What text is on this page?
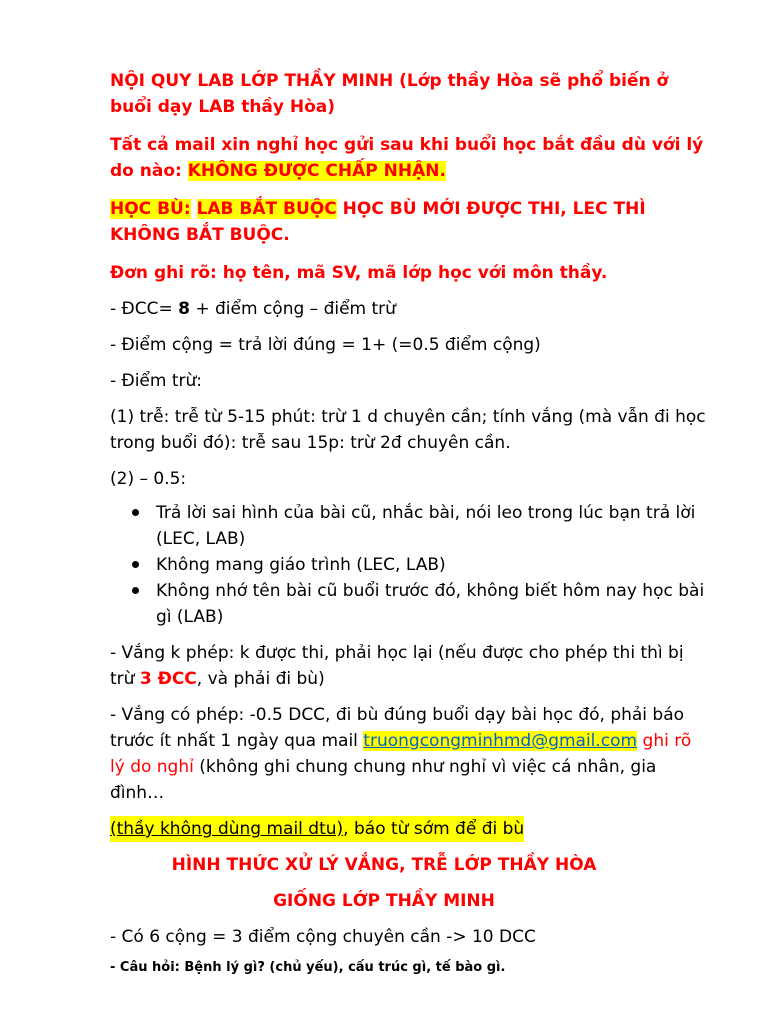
NỘI QUY LAB LỚP THẦY MINH (Lớp thầy Hòa sẽ phổ biến ở buổi dạy LAB thầy Hòa)

Tất cả mail xin nghỉ học gửi sau khi buổi học bắt đầu dù với lý do nào: KHÔNG ĐƯỢC CHẤP NHẬN.

HỌC BÙ: LAB BẮT BUỘC HỌC BÙ MỚI ĐƯỢC THI, LEC THÌ KHÔNG BẮT BUỘC.

Đơn ghi rõ: họ tên, mã SV, mã lớp học với môn thầy.

- ĐCC= 8 + điểm cộng – điểm trừ

- Điểm cộng = trả lời đúng = 1+ (=0.5 điểm cộng)

- Điểm trừ:

(1) trễ: trễ từ 5-15 phút: trừ 1 d chuyên cần; tính vắng (mà vẫn đi học trong buổi đó): trễ sau 15p: trừ 2đ chuyên cần.

(2) – 0.5:

Trả lời sai hình của bài cũ, nhắc bài, nói leo trong lúc bạn trả lời (LEC, LAB)
Không mang giáo trình (LEC, LAB)
Không nhớ tên bài cũ buổi trước đó, không biết hôm nay học bài gì (LAB)

- Vắng k phép: k được thi, phải học lại (nếu được cho phép thi thì bị trừ 3 ĐCC, và phải đi bù)

- Vắng có phép: -0.5 DCC, đi bù đúng buổi dạy bài học đó, phải báo trước ít nhất 1 ngày qua mail truongcongminhmd@gmail.com ghi rõ lý do nghỉ (không ghi chung chung như nghỉ vì việc cá nhân, gia đình…

(thầy không dùng mail dtu), báo từ sớm để đi bù

HÌNH THỨC XỬ LÝ VẮNG, TRỄ LỚP THẦY HÒA

GIỐNG LỚP THẦY MINH

- Có 6 cộng = 3 điểm cộng chuyên cần -> 10 DCC

- Câu hỏi: Bệnh lý gì? (chủ yếu), cấu trúc gì, tế bào gì.
